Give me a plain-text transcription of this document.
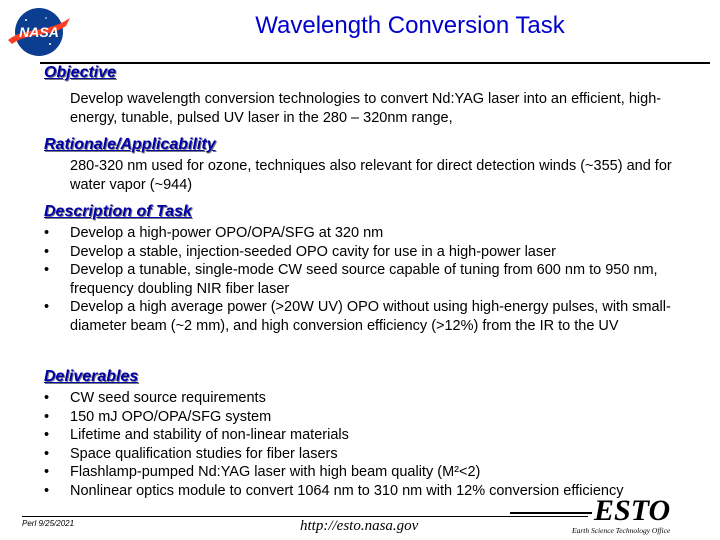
NASA	Wavelength Conversion Task
Objective
Develop wavelength conversion technologies to convert Nd:YAG laser into an efficient, high-energy, tunable, pulsed UV laser in the 280 – 320nm range,
Rationale/Applicability
280-320 nm used for ozone, techniques also relevant for direct detection winds (~355) and for water vapor (~944)
Description of Task
• Develop a high-power OPO/OPA/SFG at 320 nm
• Develop a stable, injection-seeded OPO cavity for use in a high-power laser
• Develop a tunable, single-mode CW seed source capable of tuning from 600 nm to 950 nm, frequency doubling NIR fiber laser
• Develop a high average power (>20W UV) OPO without using high-energy pulses, with small-diameter beam (~2 mm), and high conversion efficiency (>12%) from the IR to the UV
Deliverables
• CW seed source requirements
• 150 mJ OPO/OPA/SFG system
• Lifetime and stability of non-linear materials
• Space qualification studies for fiber lasers
• Flashlamp-pumped Nd:YAG laser with high beam quality (M²<2)
• Nonlinear optics module to convert 1064 nm to 310 nm with 12% conversion efficiency
Perl 9/25/2021	http://esto.nasa.gov	ESTO
Earth Science Technology Office
